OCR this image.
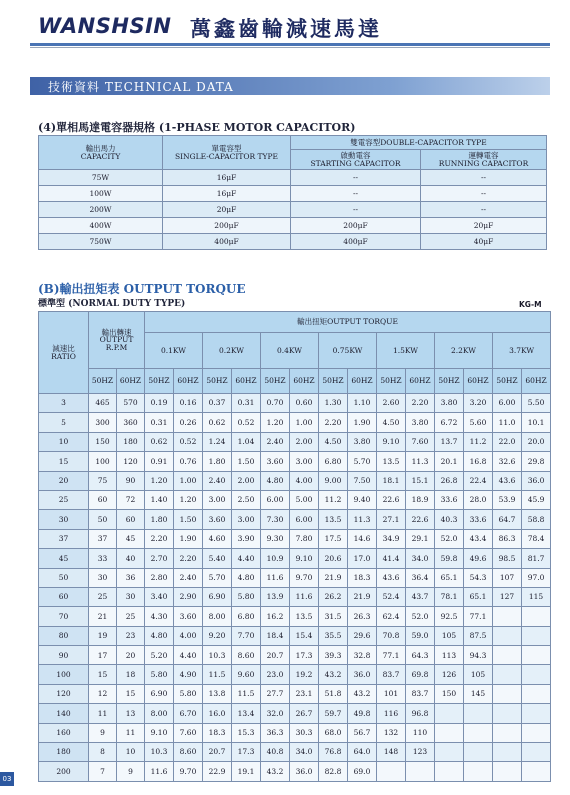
WANSHSIN 萬鑫齒輪減速馬達
技術資料 TECHNICAL DATA
(4)單相馬達電容器規格 (1-PHASE MOTOR CAPACITOR)
輸出馬力
CAPACITY	單電容型
SINGLE-CAPACITOR TYPE	雙電容型DOUBLE-CAPACITOR TYPE	
		啟動電容
STARTING CAPACITOR	運轉電容
RUNNING CAPACITOR
75W	16μF	--	--
100W	16μF	--	--
200W	20μF	--	--
400W	200μF	200μF	20μF
750W	400μF	400μF	40μF
(B)輸出扭矩表 OUTPUT TORQUE
標準型 (NORMAL DUTY TYPE)	KG-M
減速比
RATIO	輸出轉速
OUTPUT
R.P.M		輸出扭矩OUTPUT TORQUE													
			0.1KW		0.2KW		0.4KW		0.75KW		1.5KW		2.2KW		3.7KW	
	50HZ	60HZ	50HZ	60HZ	50HZ	60HZ	50HZ	60HZ	50HZ	60HZ	50HZ	60HZ	50HZ	60HZ	50HZ	60HZ
3	465	570	0.19	0.16	0.37	0.31	0.70	0.60	1.30	1.10	2.60	2.20	3.80	3.20	6.00	5.50
5	300	360	0.31	0.26	0.62	0.52	1.20	1.00	2.20	1.90	4.50	3.80	6.72	5.60	11.0	10.1
10	150	180	0.62	0.52	1.24	1.04	2.40	2.00	4.50	3.80	9.10	7.60	13.7	11.2	22.0	20.0
15	100	120	0.91	0.76	1.80	1.50	3.60	3.00	6.80	5.70	13.5	11.3	20.1	16.8	32.6	29.8
20	75	90	1.20	1.00	2.40	2.00	4.80	4.00	9.00	7.50	18.1	15.1	26.8	22.4	43.6	36.0
25	60	72	1.40	1.20	3.00	2.50	6.00	5.00	11.2	9.40	22.6	18.9	33.6	28.0	53.9	45.9
30	50	60	1.80	1.50	3.60	3.00	7.30	6.00	13.5	11.3	27.1	22.6	40.3	33.6	64.7	58.8
37	37	45	2.20	1.90	4.60	3.90	9.30	7.80	17.5	14.6	34.9	29.1	52.0	43.4	86.3	78.4
45	33	40	2.70	2.20	5.40	4.40	10.9	9.10	20.6	17.0	41.4	34.0	59.8	49.6	98.5	81.7
50	30	36	2.80	2.40	5.70	4.80	11.6	9.70	21.9	18.3	43.6	36.4	65.1	54.3	107	97.0
60	25	30	3.40	2.90	6.90	5.80	13.9	11.6	26.2	21.9	52.4	43.7	78.1	65.1	127	115
70	21	25	4.30	3.60	8.00	6.80	16.2	13.5	31.5	26.3	62.4	52.0	92.5	77.1		
80	19	23	4.80	4.00	9.20	7.70	18.4	15.4	35.5	29.6	70.8	59.0	105	87.5		
90	17	20	5.20	4.40	10.3	8.60	20.7	17.3	39.3	32.8	77.1	64.3	113	94.3		
100	15	18	5.80	4.90	11.5	9.60	23.0	19.2	43.2	36.0	83.7	69.8	126	105		
120	12	15	6.90	5.80	13.8	11.5	27.7	23.1	51.8	43.2	101	83.7	150	145		
140	11	13	8.00	6.70	16.0	13.4	32.0	26.7	59.7	49.8	116	96.8				
160	9	11	9.10	7.60	18.3	15.3	36.3	30.3	68.0	56.7	132	110				
180	8	10	10.3	8.60	20.7	17.3	40.8	34.0	76.8	64.0	148	123				
200	7	9	11.6	9.70	22.9	19.1	43.2	36.0	82.8	69.0						
03
